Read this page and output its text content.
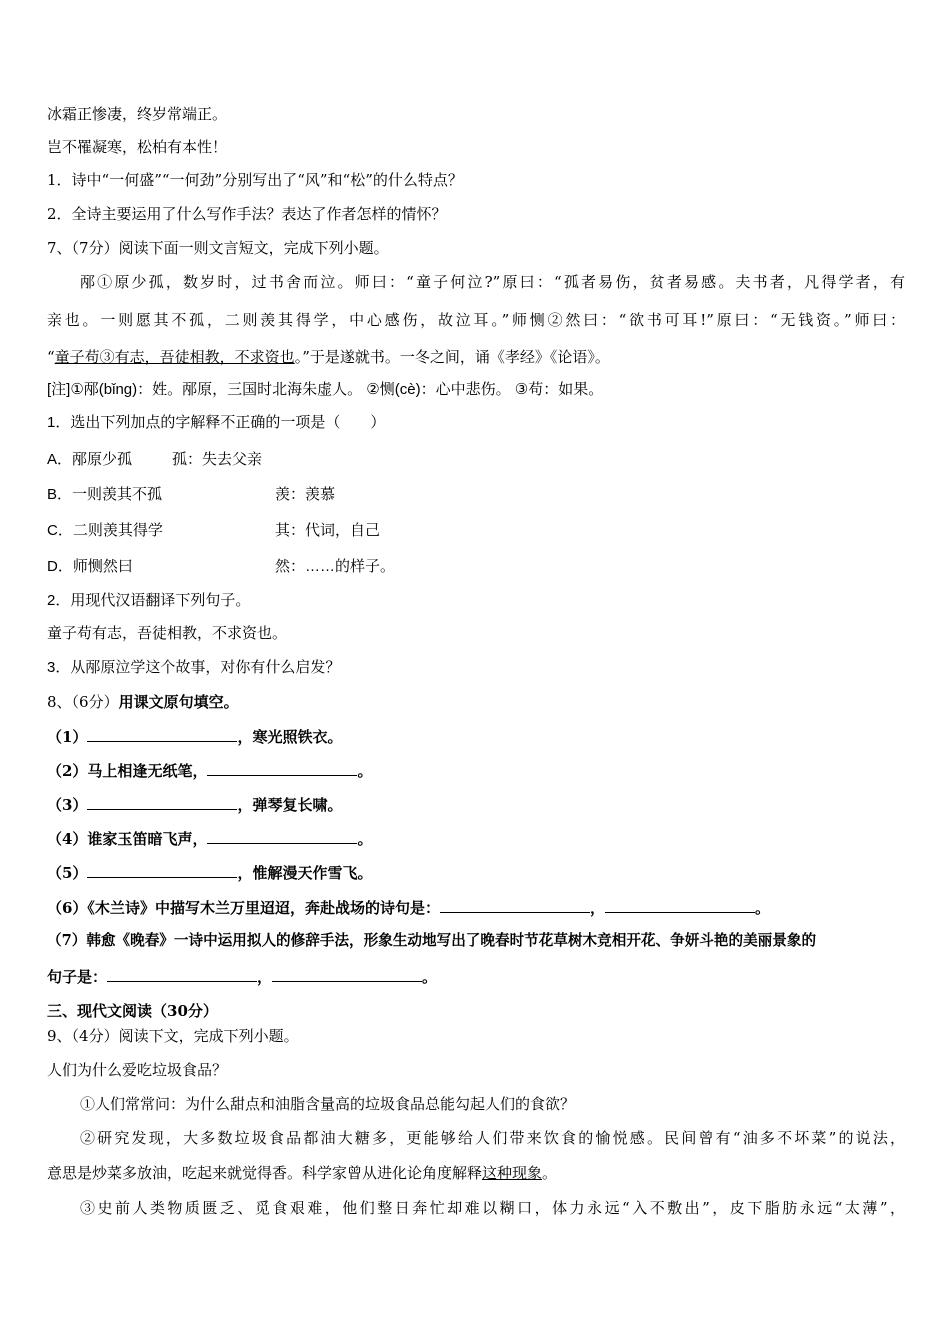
冰霜正惨凄，终岁常端正。
岂不罹凝寒，松柏有本性！
1．诗中“一何盛”“一何劲”分别写出了“风”和“松”的什么特点？
2．全诗主要运用了什么写作手法？表达了作者怎样的情怀？
7、（7分）阅读下面一则文言短文，完成下列小题。
邴①原少孤，数岁时，过书舍而泣。师曰：“童子何泣?”原曰：“孤者易伤，贫者易感。夫书者，凡得学者，有
亲也。一则愿其不孤，二则羡其得学，中心感伤，故泣耳。”师恻②然曰：“欲书可耳!”原曰：“无钱资。”师曰：
“童子苟③有志，吾徒相教，不求资也。”于是遂就书。一冬之间，诵《孝经》《论语》。
[注]①邴(bǐng)：姓。邴原，三国时北海朱虚人。 ②恻(cè)：心中悲伤。 ③苟：如果。
1．选出下列加点的字解释不正确的一项是（　　）
A．邴原少孤	孤：失去父亲
B．一则羡其不孤	羡：羡慕
C．二则羡其得学	其：代词，自己
D．师恻然曰	然：……的样子。
2．用现代汉语翻译下列句子。
童子苟有志，吾徒相教，不求资也。
3．从邴原泣学这个故事，对你有什么启发？
8、（6分）用课文原句填空。
（1）	，寒光照铁衣。
（2）马上相逢无纸笔，	。
（3）	，弹琴复长啸。
（4）谁家玉笛暗飞声，	。
（5）	，惟解漫天作雪飞。
（6）《木兰诗》中描写木兰万里迢迢，奔赴战场的诗句是：	，	。
（7）韩愈《晚春》一诗中运用拟人的修辞手法，形象生动地写出了晚春时节花草树木竞相开花、争妍斗艳的美丽景象的
句子是：	，	。
三、现代文阅读（30分）
9、（4分）阅读下文，完成下列小题。
人们为什么爱吃垃圾食品？
①人们常常问：为什么甜点和油脂含量高的垃圾食品总能勾起人们的食欲？
②研究发现，大多数垃圾食品都油大糖多，更能够给人们带来饮食的愉悦感。民间曾有“油多不坏菜”的说法，
意思是炒菜多放油，吃起来就觉得香。科学家曾从进化论角度解释这种现象。
③史前人类物质匮乏、觅食艰难，他们整日奔忙却难以糊口，体力永远“入不敷出”，皮下脂肪永远“太薄”，
